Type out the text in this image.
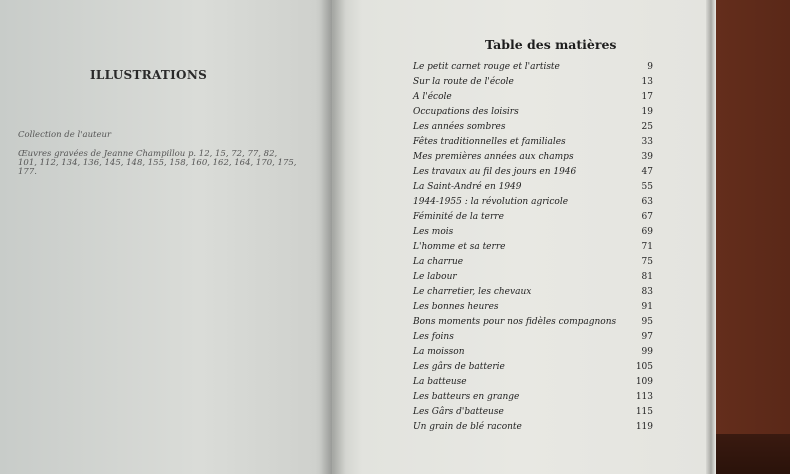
ILLUSTRATIONS
Collection de l'auteur
Œuvres gravées de Jeanne Champillou p. 12, 15, 72, 77, 82, 101, 112, 134, 136, 145, 148, 155, 158, 160, 162, 164, 170, 175, 177.
Table des matières
Le petit carnet rouge et l'artiste	9
Sur la route de l'école	13
A l'école	17
Occupations des loisirs	19
Les années sombres	25
Fêtes traditionnelles et familiales	33
Mes premières années aux champs	39
Les travaux au fil des jours en 1946	47
La Saint-André en 1949	55
1944-1955 : la révolution agricole	63
Féminité de la terre	67
Les mois	69
L'homme et sa terre	71
La charrue	75
Le labour	81
Le charretier, les chevaux	83
Les bonnes heures	91
Bons moments pour nos fidèles compagnons	95
Les foins	97
La moisson	99
Les gârs de batterie	105
La batteuse	109
Les batteurs en grange	113
Les Gârs d'batteuse	115
Un grain de blé raconte	119
